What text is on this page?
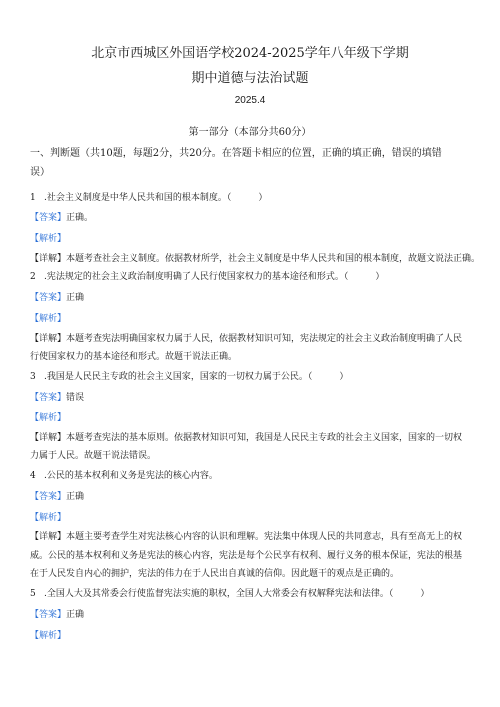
北京市西城区外国语学校2024-2025学年八年级下学期
期中道德与法治试题
2025.4
第一部分（本部分共60分）
一、判断题（共10题，每题2分，共20分。在答题卡相应的位置，正确的填正确，错误的填错
误）
1 .社会主义制度是中华人民共和国的根本制度。（　　　）
【答案】正确。
【解析】
【详解】本题考查社会主义制度。依据教材所学，社会主义制度是中华人民共和国的根本制度，故题文说法正确。
2 .宪法规定的社会主义政治制度明确了人民行使国家权力的基本途径和形式。（　　　）
【答案】正确
【解析】
【详解】本题考查宪法明确国家权力属于人民，依据教材知识可知，宪法规定的社会主义政治制度明确了人民
行使国家权力的基本途径和形式。故题干说法正确。
3 .我国是人民民主专政的社会主义国家，国家的一切权力属于公民。（　　　）
【答案】错误
【解析】
【详解】本题考查宪法的基本原则。依据教材知识可知，我国是人民民主专政的社会主义国家，国家的一切权
力属于人民。故题干说法错误。
4 .公民的基本权利和义务是宪法的核心内容。
【答案】正确
【解析】
【详解】本题主要考查学生对宪法核心内容的认识和理解。宪法集中体现人民的共同意志，具有至高无上的权
威。公民的基本权利和义务是宪法的核心内容，宪法是每个公民享有权利、履行义务的根本保证，宪法的根基
在于人民发自内心的拥护，宪法的伟力在于人民出自真诚的信仰。因此题干的观点是正确的。
5 .全国人大及其常委会行使监督宪法实施的职权，全国人大常委会有权解释宪法和法律。（　　　）
【答案】正确
【解析】
